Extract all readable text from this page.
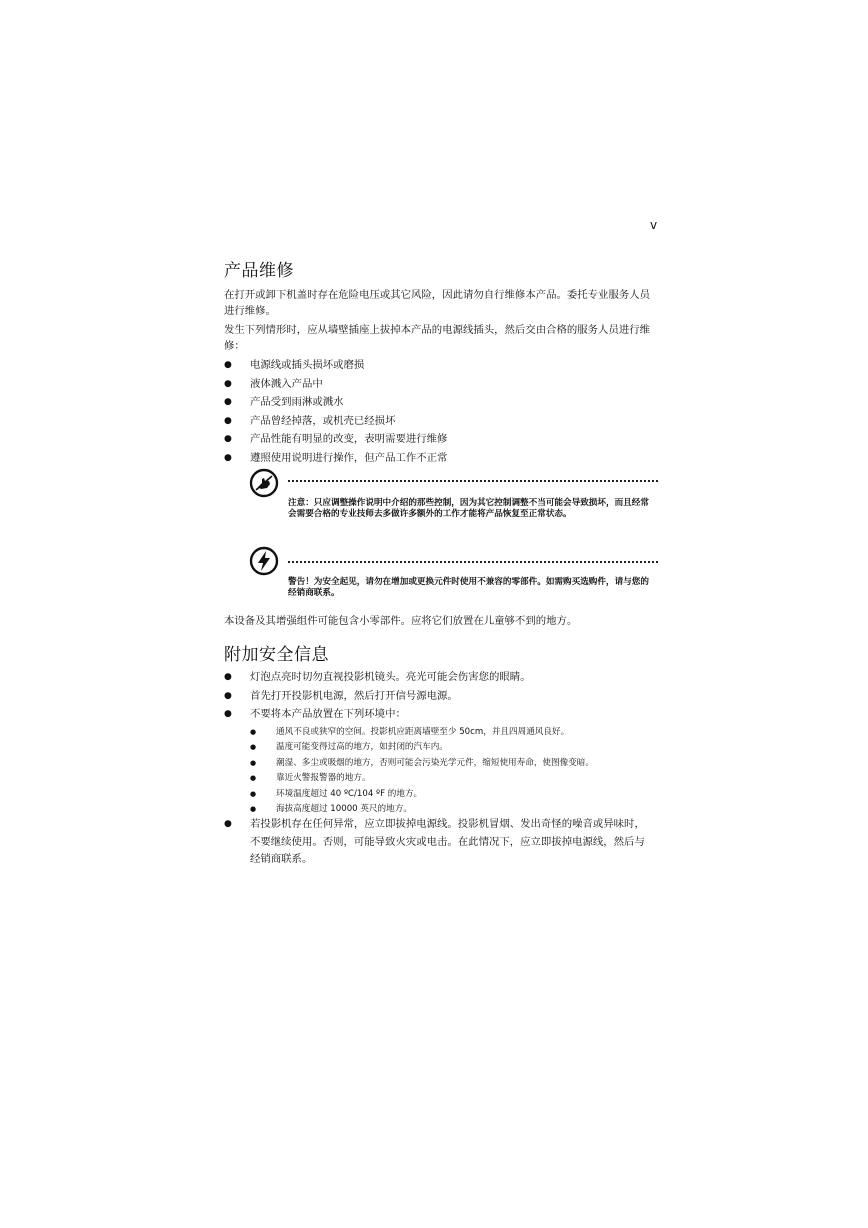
v
产品维修

在打开或卸下机盖时存在危险电压或其它风险，因此请勿自行维修本产品。委托专业服务人员进行维修。

发生下列情形时，应从墙壁插座上拔掉本产品的电源线插头，然后交由合格的服务人员进行维修：

● 电源线或插头损坏或磨损
● 液体溅入产品中
● 产品受到雨淋或溅水
● 产品曾经掉落，或机壳已经损坏
● 产品性能有明显的改变，表明需要进行维修
● 遵照使用说明进行操作，但产品工作不正常

注意：只应调整操作说明中介绍的那些控制，因为其它控制调整不当可能会导致损坏，而且经常会需要合格的专业技师去多做许多额外的工作才能将产品恢复至正常状态。

警告！为安全起见，请勿在增加或更换元件时使用不兼容的零部件。如需购买选购件，请与您的经销商联系。

本设备及其增强组件可能包含小零部件。应将它们放置在儿童够不到的地方。

附加安全信息
● 灯泡点亮时切勿直视投影机镜头。亮光可能会伤害您的眼睛。
● 首先打开投影机电源，然后打开信号源电源。
● 不要将本产品放置在下列环境中：
● 通风不良或狭窄的空间。投影机应距离墙壁至少 50cm，并且四周通风良好。
● 温度可能变得过高的地方，如封闭的汽车内。
● 潮湿、多尘或吸烟的地方，否则可能会污染光学元件，缩短使用寿命，使图像变暗。
● 靠近火警报警器的地方。
● 环境温度超过 40 ºC/104 ºF 的地方。
● 海拔高度超过 10000 英尺的地方。
● 若投影机存在任何异常，应立即拔掉电源线。投影机冒烟、发出奇怪的噪音或异味时，不要继续使用。否则，可能导致火灾或电击。在此情况下，应立即拔掉电源线，然后与经销商联系。
